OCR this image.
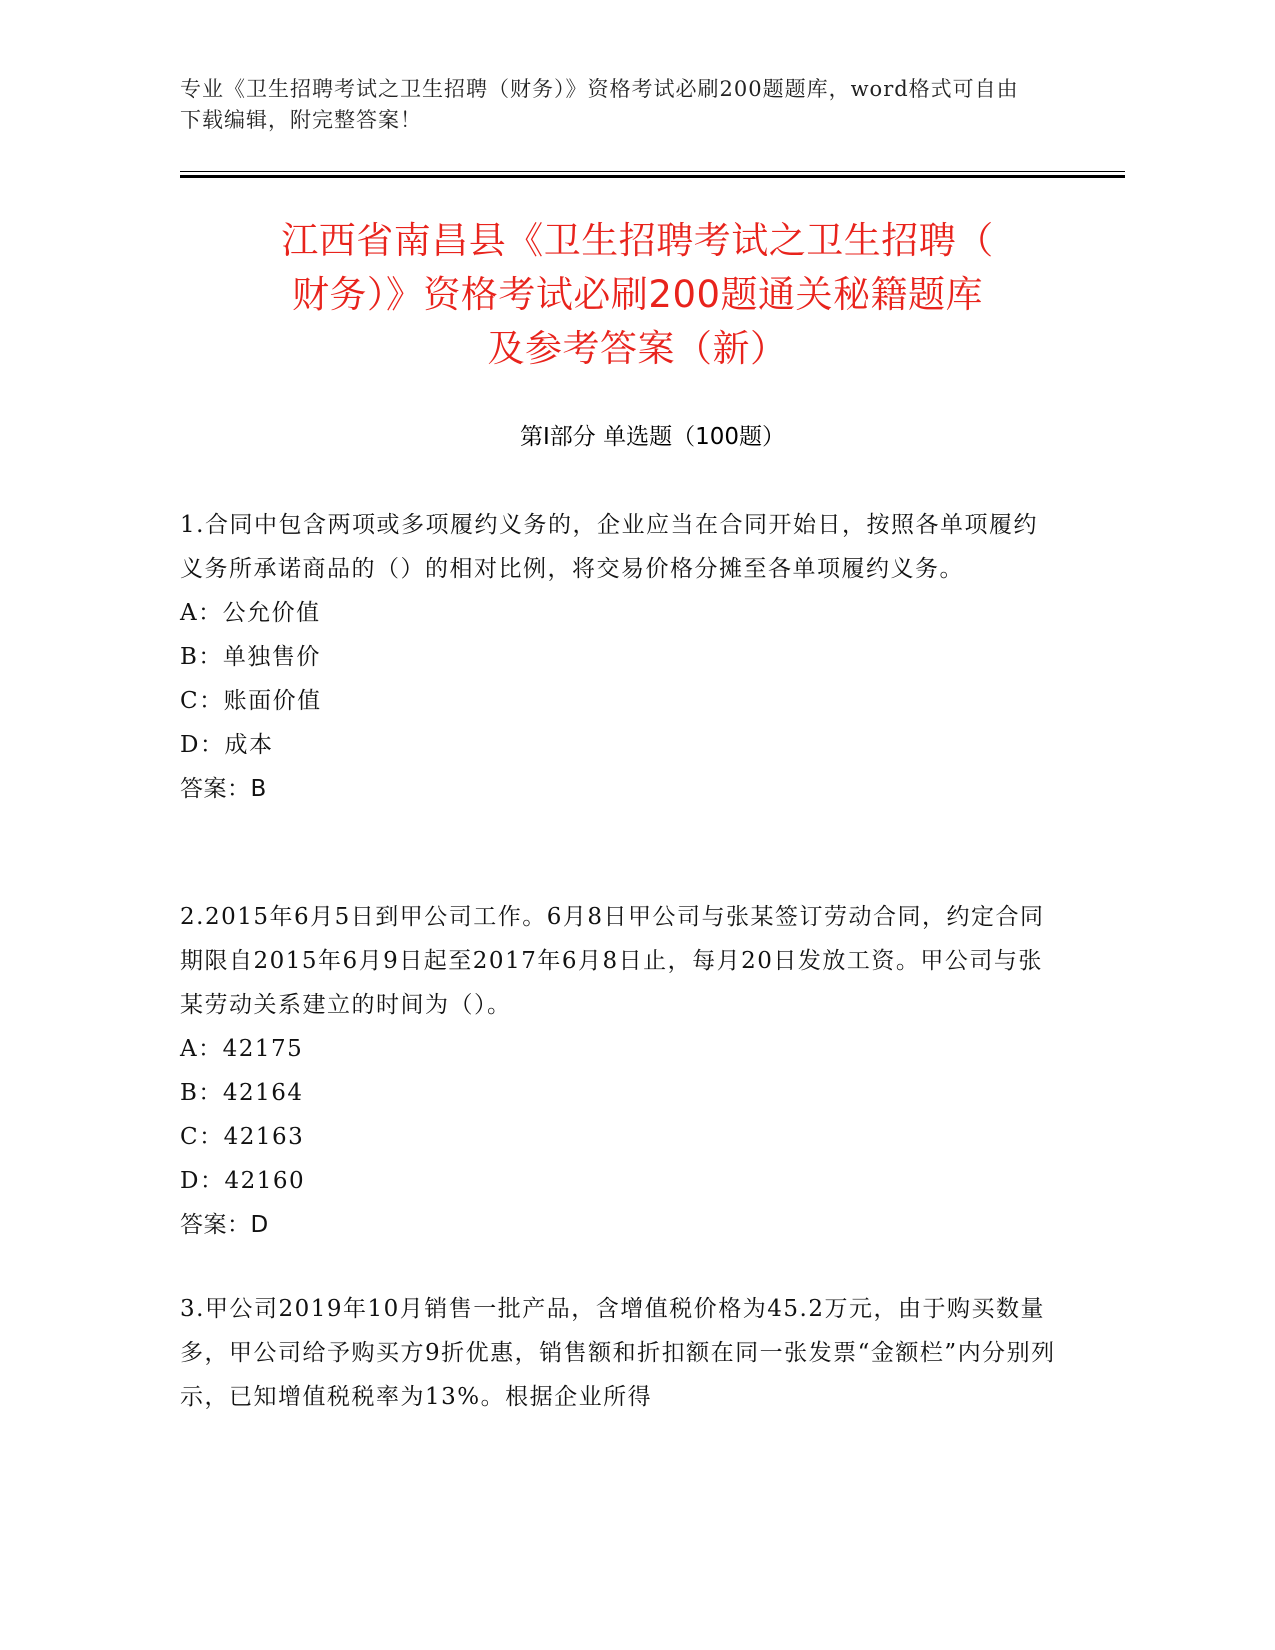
专业《卫生招聘考试之卫生招聘（财务）》资格考试必刷200题题库，word格式可自由下载编辑，附完整答案！
江西省南昌县《卫生招聘考试之卫生招聘（
财务）》资格考试必刷200题通关秘籍题库
及参考答案（新）
第Ⅰ部分 单选题（100题）

1.合同中包含两项或多项履约义务的，企业应当在合同开始日，按照各单项履约义务所承诺商品的（）的相对比例，将交易价格分摊至各单项履约义务。

A：公允价值

B：单独售价

C：账面价值

D：成本

答案：B

2.2015年6月5日到甲公司工作。6月8日甲公司与张某签订劳动合同，约定合同期限自2015年6月9日起至2017年6月8日止，每月20日发放工资。甲公司与张某劳动关系建立的时间为（）。

A：42175

B：42164

C：42163

D：42160

答案：D

3.甲公司2019年10月销售一批产品，含增值税价格为45.2万元，由于购买数量多，甲公司给予购买方9折优惠，销售额和折扣额在同一张发票“金额栏”内分别列示，已知增值税税率为13%。根据企业所得
